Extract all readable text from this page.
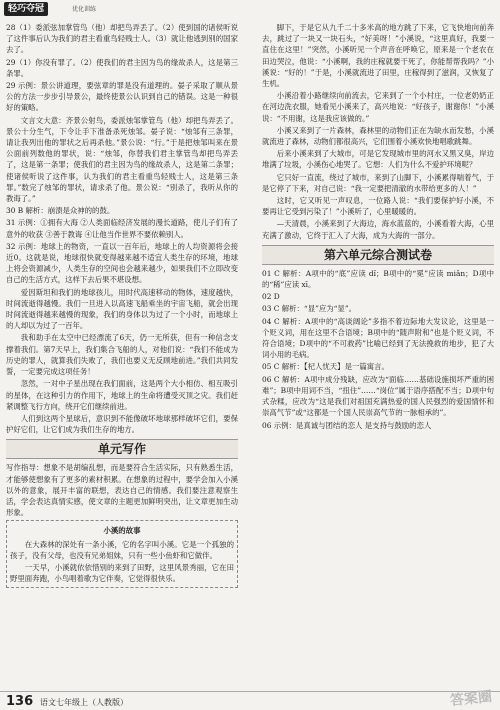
轻巧夺冠	优化训练

28（1）委派弦加掌管鸟（他）却把鸟弄丢了。（2）使到国的诸侯听说了这件事后认为我们的君主看重鸟轻贱士人。（3）就让他逃到别的国家去了。

29（1）你没有罪了。（2）使我们的君主因为鸟的缘故杀人，这是第三条罪。

29 示例：景公讲道理，要弦章的罪是没有道理的。晏子采取了顺从景公的方法一步步引导景公，最终使景公认识到自己的错误。这是一种很好的策略。

文言文大意：齐景公射鸟，委派烛邹掌管鸟（他）却把鸟弄丢了。景公十分生气，下令让手下准备杀死烛邹。晏子说：“烛邹有三条罪，请让我列出他的罪状之后再杀他。”景公说：“行。”于是把烛邹叫来在景公面前列数他的罪状，说：“烛邹，你替我们君主掌管鸟却把鸟弄丢了，这是第一条罪；使我们的君主因为鸟的缘故杀人，这是第二条罪；使诸侯听说了这件事，认为我们的君主看重鸟轻贱士人，这是第三条罪。”数完了烛邹的罪状，请求杀了他。景公说：“别杀了，我听从你的教诲了。”

30 B 解析：崩溃是众神的的鼓。

31 示例：①拥有大海 ②人类面临经济发展的漫长道路，使儿子们有了意外的收获 ③善于教诲 ④让他当作世界不要依赖别人。

32 示例：地球上的物资，一直以一百年后，地球上的人均资源将会接近0。这就是说，地球很快就变得越来越不适宜人类生存的环境，地球上将会资源减少，人类生存的空间也会越来越少，如果我们不立即改变自己的生活方式，这样下去后果不堪设想。

爱因斯坦和我们的地球孩儿，用时代高速移动的物体，速度越快，时间流逝得越慢。我们一旦进入以高速飞船乘坐的宇宙飞船，就会出现时间流逝得越来越慢的现象，我们的身体以为过了一个小时，而地球上的人却以为过了一百年。

我和助手在太空中已经漂流了6天，仍一无所获，但有一种信念支撑着我们。第7天早上，我们集合飞船的人，对他们说：“我们不能成为历史的罪人，就算我们失败了，我们也要义无反顾地前进。”我们共同发誓，一定要完成这项任务！

忽然，一对中子星出现在我们面前，这是两个大小相仿、相互吸引的星体，在这种引力的作用下，地球上的生命将遭受灭顶之灾。我们赶紧调整飞行方向，绕开它们继续前进。

人们到这两个星球后，意识到不能像破坏地球那样破坏它们，要保护好它们，让它们成为我们生存的地方。

单元写作

写作指导：想象不是胡编乱想，而是要符合生活实际，只有熟悉生活，才能够使想象有了更多的素材积累。在想象的过程中，要学会加入小溪以外的意象，展开丰富的联想，表达自己的情感。我们要注意观察生活，学会表达真情实感，使文章的主题更加鲜明突出，让文章更加生动形象。

小溪的故事

在大森林的深处有一条小溪，它的名字叫小溪。它是一个孤独的孩子，没有父母，也没有兄弟姐妹，只有一些小鱼虾和它做伴。

一天早，小溪就依依惜别的来到了田野，这里风景秀丽，它在田野里面奔跑，小鸟唱着歌为它伴奏，它觉得很快乐。

脚下，于是它从九千二十多米高的地方跳了下来，它飞快地向前奔去，跳过了一块又一块石头，“好美呀！”小溪说，“这里真好，我要一直住在这里！”突然，小溪听见一个声音在呼唤它，原来是一个老农在田边哭泣，他说：“小溪啊，我的庄稼就要干死了，你能帮帮我吗？”小溪说：“好的！”于是，小溪就流进了田里，庄稼得到了滋润，又恢复了生机。

小溪沿着小路继续向前流去，它来到了一个小村庄，一位老奶奶正在河边洗衣服，她看见小溪来了，高兴地说：“好孩子，谢谢你！”小溪说：“不用谢，这是我应该做的。”

小溪又来到了一片森林，森林里的动物们正在为缺水而发愁，小溪就流进了森林，动物们都很高兴，它们围着小溪欢快地唱歌跳舞。

后来小溪来到了大城市，可是它发现城市里的河水又黑又臭，岸边堆满了垃圾，小溪伤心地哭了。它想：人们为什么不爱护环境呢？

它只好一直流，绕过了城市，来到了山脚下，小溪累得喘着气，于是它停了下来，对自己说：“我一定要把清澈的水带给更多的人！”

这时，它又听见一声叹息，一位路人说：“我们要保护好小溪，不要再让它受到污染了！”小溪听了，心里暖暖的。

—天清晨，小溪来到了大海边，海水蓝蓝的，小溪看着大海，心里充满了激动，它终于汇入了大海，成为大海的一部分。

第六单元综合测试卷

01 C 解析：A项中的“底”应读 dǐ；B项中的“冕”应读 miǎn；D项中的“稀”应读 xī。

02 D

03 C 解析：“显”应为“显”。

04 C 解析：A项中的“高谈阔论”多指不着边际地大发议论，这里是一个贬义词，用在这里不合语境；B项中的“随声附和”也是个贬义词，不符合语境；D项中的“不可救药”比喻已经到了无法挽救的地步，犯了大词小用的毛病。

05 C 解析：【杞人忧天】是一篇寓言。

06 C 解析：A项中成分残缺，应改为“面临……基础设施损坏严重的困难”；B项中用词不当，“扭住”……“岗位”属于语序搭配不当；D项中句式杂糅，应改为“这是我们对祖国充满热爱的国人民强烈的爱国情怀和崇高气节”或“这都是一个国人民崇高气节的一脉相承的”。

06 示例：是真诚与团结的恋人 是支持与鼓励的恋人

136 语文七年级上（人教版）	答案圈
